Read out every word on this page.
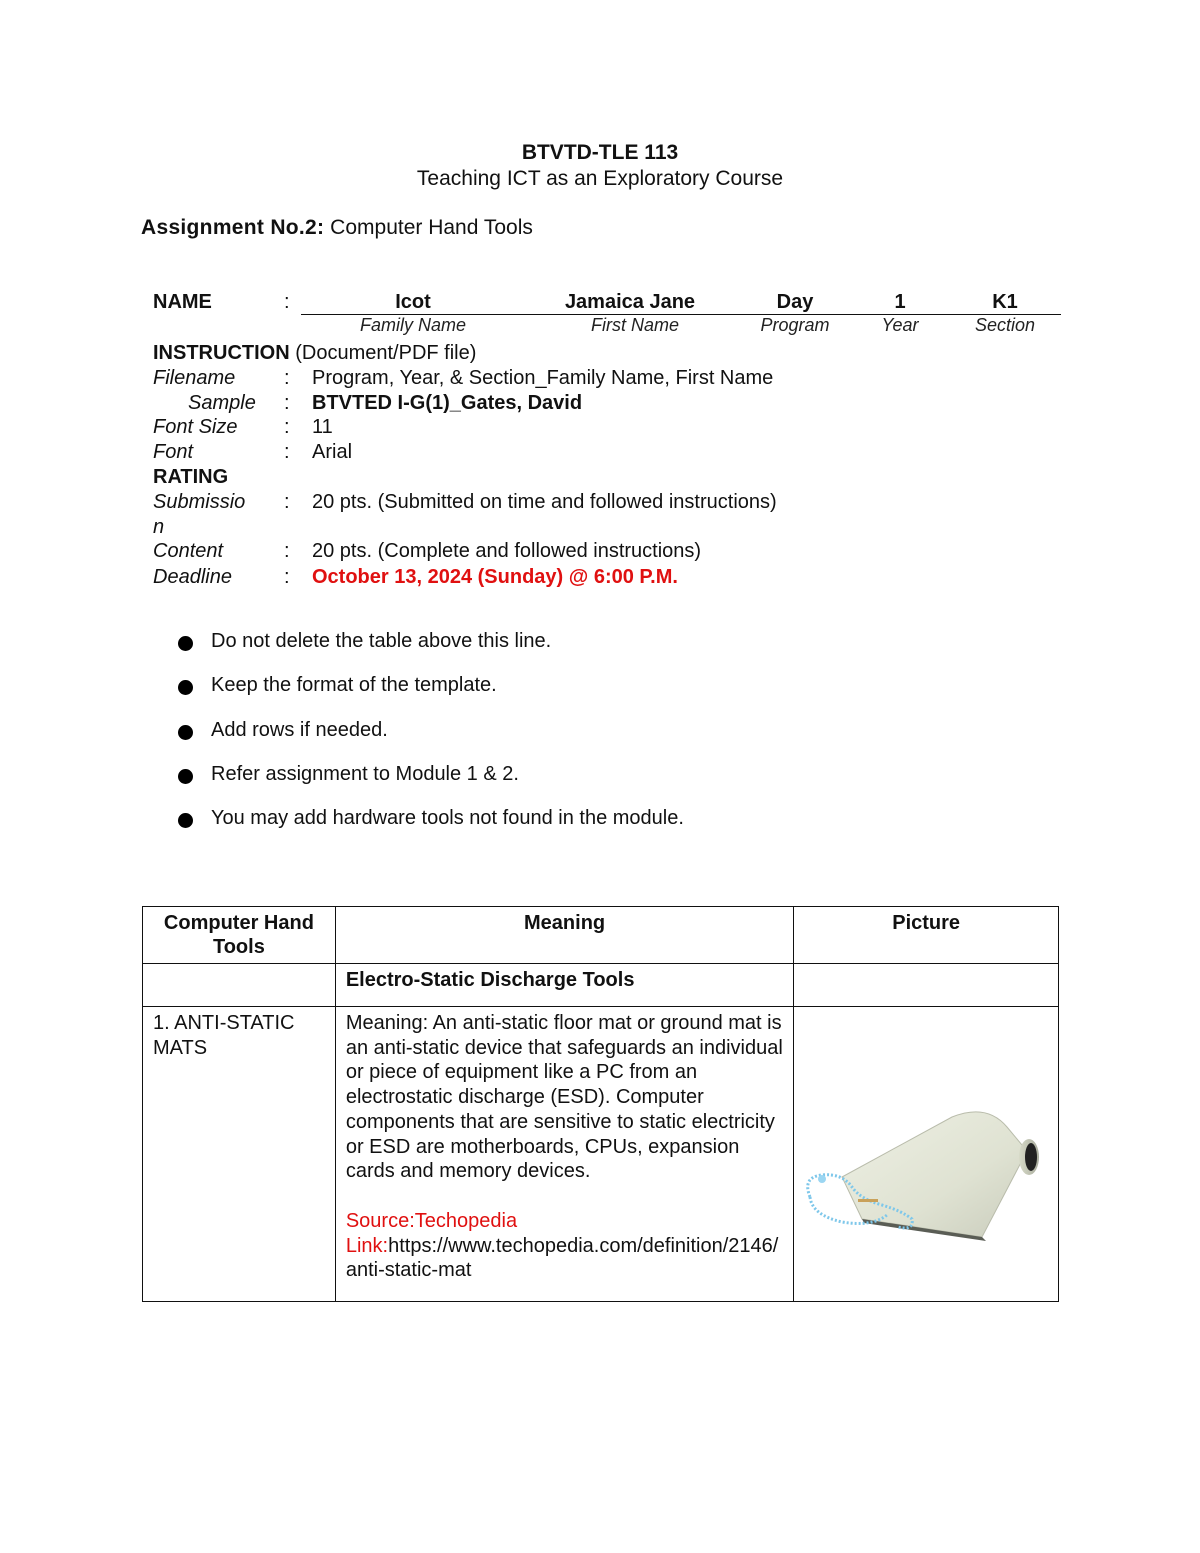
BTVTD-TLE 113
Teaching ICT as an Exploratory Course
Assignment No.2: Computer Hand Tools
NAME	:	Icot	Jamaica Jane	Day	1	K1
Family Name	First Name	Program	Year	Section
INSTRUCTION (Document/PDF file)
Filename : Program, Year, & Section_Family Name, First Name
Sample : BTVTED I-G(1)_Gates, David
Font Size : 11
Font	: Arial
RATING
Submissio
n
: 20 pts. (Submitted on time and followed instructions)
Content	: 20 pts. (Complete and followed instructions)
Deadline	: October 13, 2024 (Sunday) @ 6:00 P.M.
Do not delete the table above this line.
Keep the format of the template.
Add rows if needed.
Refer assignment to Module 1 & 2.
You may add hardware tools not found in the module.
Computer Hand Tools	Meaning	Picture

	Electro-Static Discharge Tools	

1. ANTI-STATIC MATS	Meaning: An anti-static floor mat or ground mat is an anti-static device that safeguards an individual or piece of equipment like a PC from an electrostatic discharge (ESD). Computer components that are sensitive to static electricity or ESD are motherboards, CPUs, expansion cards and memory devices.

Source:Techopedia

Link:https://www.techopedia.com/definition/2146/anti-static-mat
